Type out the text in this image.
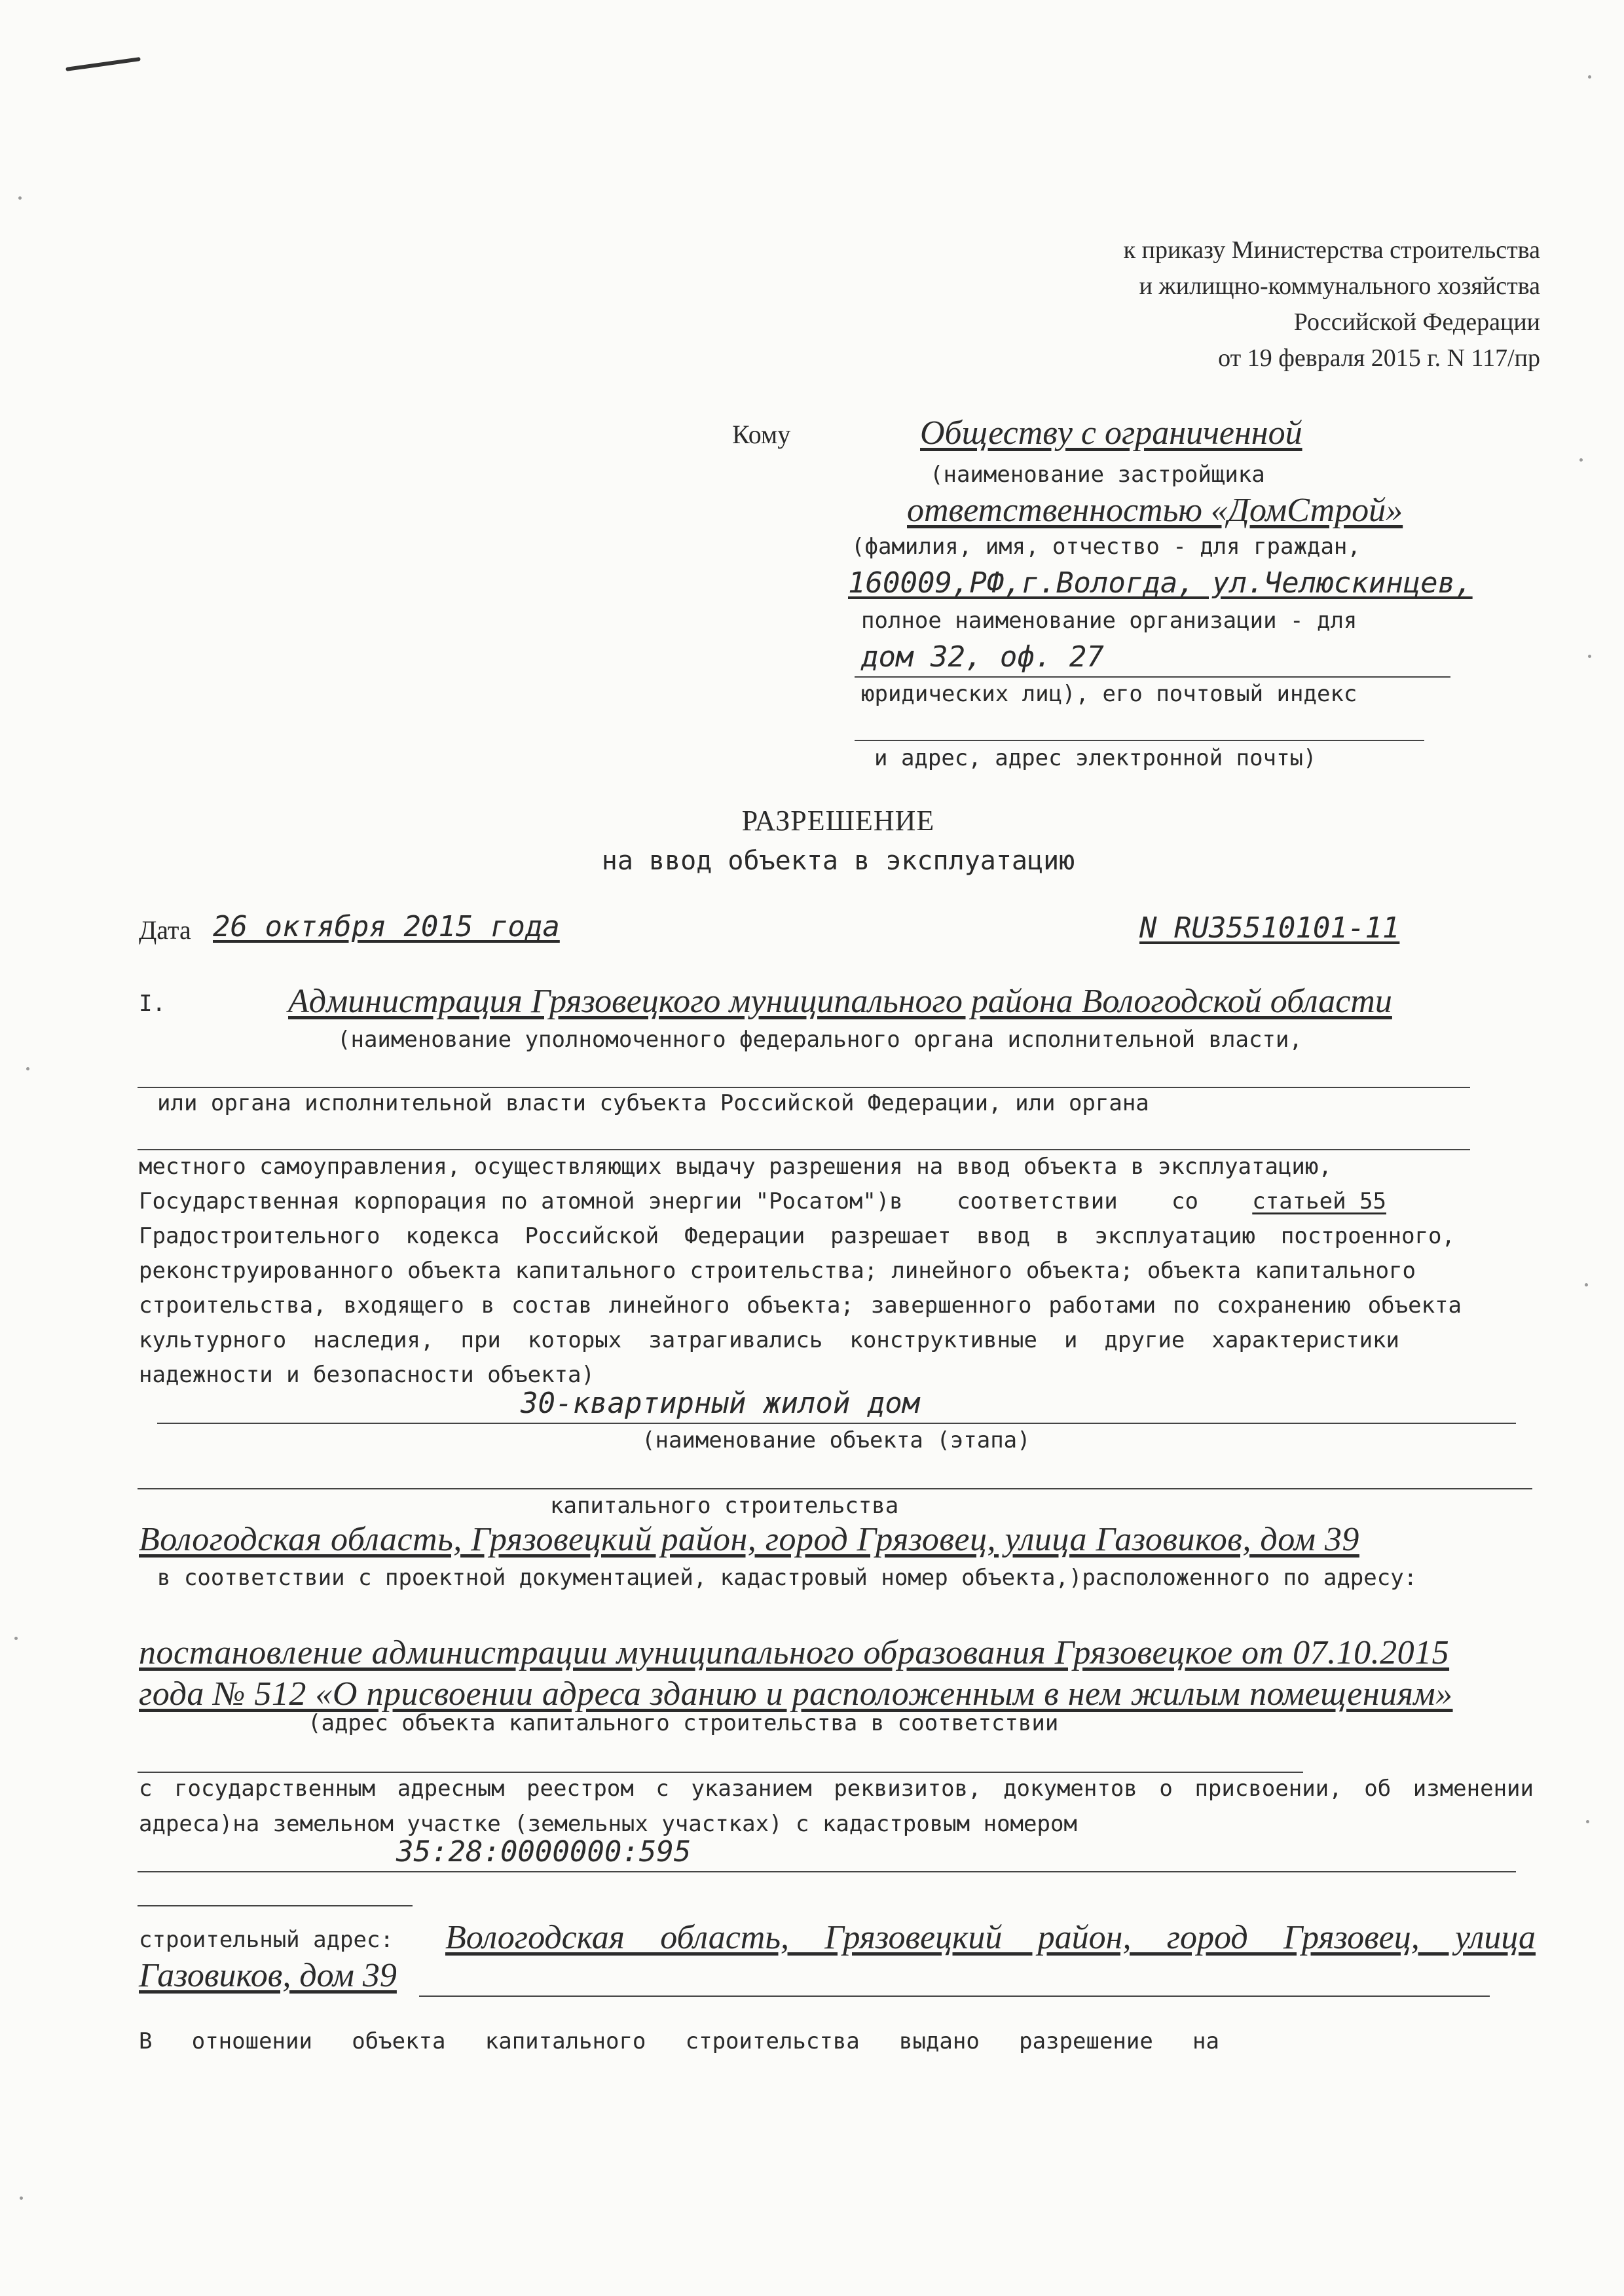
к приказу Министерства строительства
и жилищно-коммунального хозяйства
Российской Федерации
от 19 февраля 2015 г. N 117/пр
Кому	Обществу с ограниченной
(наименование застройщика
ответственностью «ДомСтрой»
(фамилия, имя, отчество - для граждан,
160009,РФ,г.Вологда, ул.Челюскинцев,
полное наименование организации - для
дом 32, оф. 27
юридических лиц), его почтовый индекс
и адрес, адрес электронной почты)
РАЗРЕШЕНИЕ
на ввод объекта в эксплуатацию
Дата 26 октября 2015 года	N RU35510101-11
I.	Администрация Грязовецкого муниципального района Вологодской области
(наименование уполномоченного федерального органа исполнительной власти,
или органа исполнительной власти субъекта Российской Федерации, или органа
местного самоуправления, осуществляющих выдачу разрешения на ввод объекта в эксплуатацию,
Государственная корпорация по атомной энергии "Росатом")в соответствии со статьей 55
Градостроительного кодекса Российской Федерации разрешает ввод в эксплуатацию построенного,
реконструированного объекта капитального строительства; линейного объекта; объекта капитального
строительства, входящего в состав линейного объекта; завершенного работами по сохранению объекта
культурного наследия, при которых затрагивались конструктивные и другие характеристики
надежности и безопасности объекта)
30-квартирный жилой дом
(наименование объекта (этапа)
капитального строительства
Вологодская область, Грязовецкий район, город Грязовец, улица Газовиков, дом 39
в соответствии с проектной документацией, кадастровый номер объекта,)расположенного по адресу:
постановление администрации муниципального образования Грязовецкое от 07.10.2015
года № 512 «О присвоении адреса зданию и расположенным в нем жилым помещениям»
(адрес объекта капитального строительства в соответствии
с государственным адресным реестром с указанием реквизитов, документов о присвоении, об изменении
адреса)на земельном участке (земельных участках) с кадастровым номером
35:28:0000000:595
строительный адрес: Вологодская область, Грязовецкий район, город Грязовец, улица
Газовиков, дом 39
В отношении объекта капитального строительства выдано разрешение на
